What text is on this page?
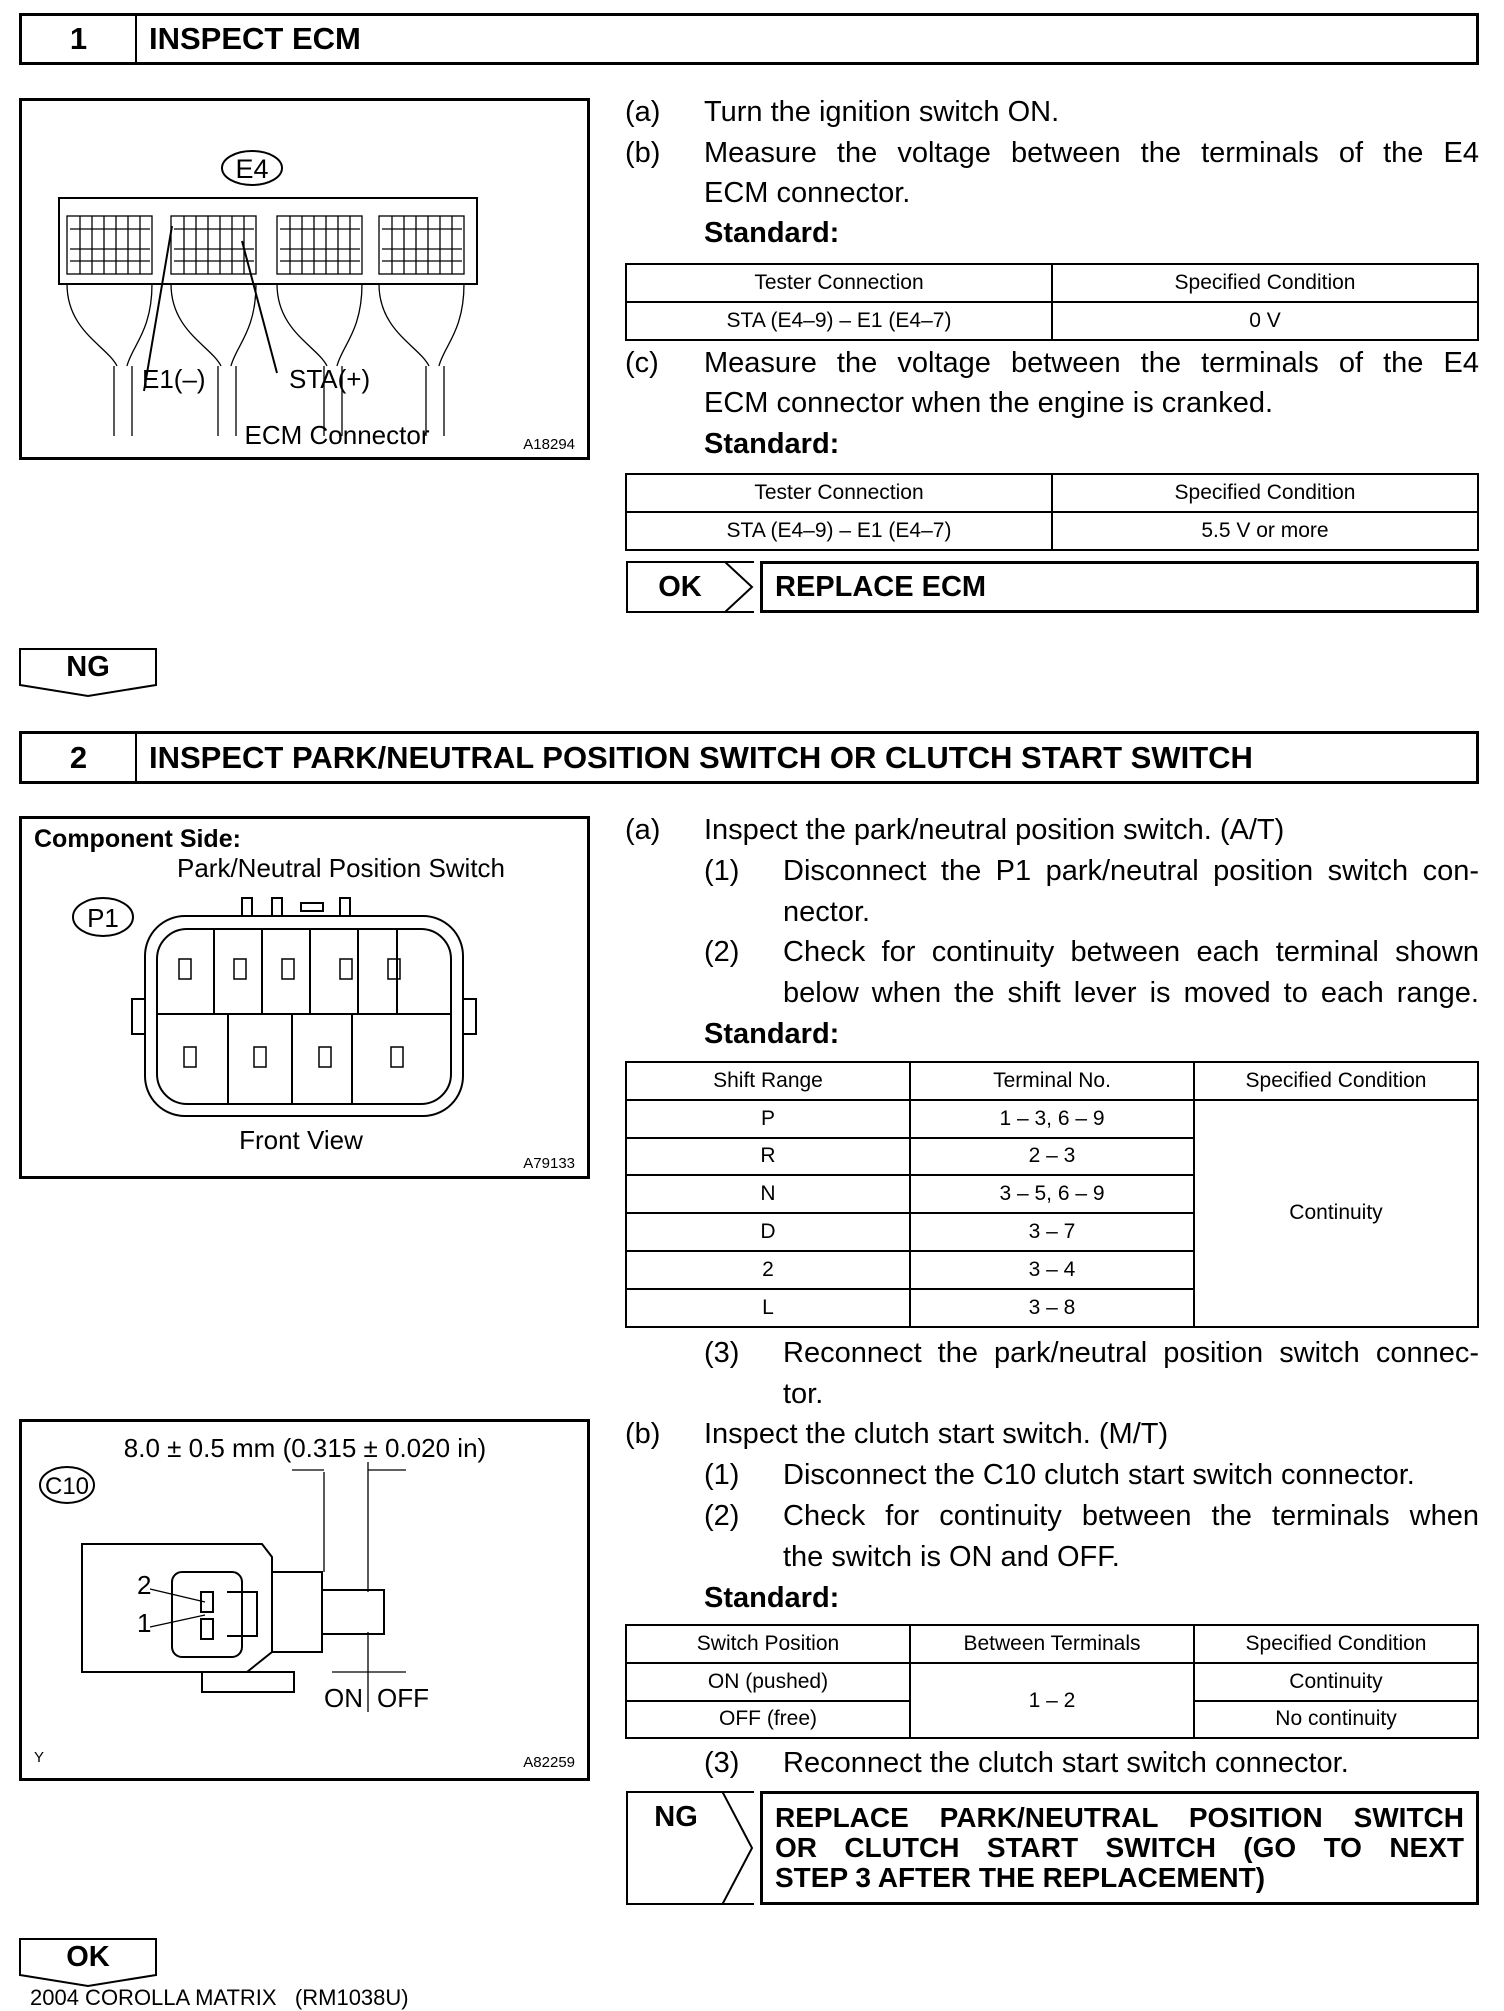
1	INSPECT ECM
E4
E1(–)	STA(+)
ECM Connector	A18294
(a) Turn the ignition switch ON.
(b) Measure the voltage between the terminals of the E4
ECM connector.
Standard:
Tester Connection	Specified Condition
STA (E4–9) – E1 (E4–7)	0 V
(c) Measure the voltage between the terminals of the E4
ECM connector when the engine is cranked.
Standard:
Tester Connection	Specified Condition
STA (E4–9) – E1 (E4–7)	5.5 V or more
OK	REPLACE ECM
NG
2	INSPECT PARK/NEUTRAL POSITION SWITCH OR CLUTCH START SWITCH
Component Side:
Park/Neutral Position Switch
P1
Front View
A79133
(a) Inspect the park/neutral position switch. (A/T)
(1) Disconnect the P1 park/neutral position switch con-
nector.
(2) Check for continuity between each terminal shown
below when the shift lever is moved to each range.
Standard:
Shift Range	Terminal No.	Specified Condition
P	1 – 3, 6 – 9	Continuity
R	2 – 3	
N	3 – 5, 6 – 9	
D	3 – 7	
2	3 – 4	
L	3 – 8	
(3) Reconnect the park/neutral position switch connec-
tor.
8.0 ± 0.5 mm (0.315 ± 0.020 in)
C10
2
1
ON OFF
Y	A82259
(b) Inspect the clutch start switch. (M/T)
(1) Disconnect the C10 clutch start switch connector.
(2) Check for continuity between the terminals when
the switch is ON and OFF.
Standard:
Switch Position	Between Terminals	Specified Condition
ON (pushed)	1 – 2	Continuity
OFF (free)		No continuity
(3) Reconnect the clutch start switch connector.
NG	REPLACE PARK/NEUTRAL POSITION SWITCH
OR CLUTCH START SWITCH (GO TO NEXT
STEP 3 AFTER THE REPLACEMENT)
OK
2004 COROLLA MATRIX   (RM1038U)
